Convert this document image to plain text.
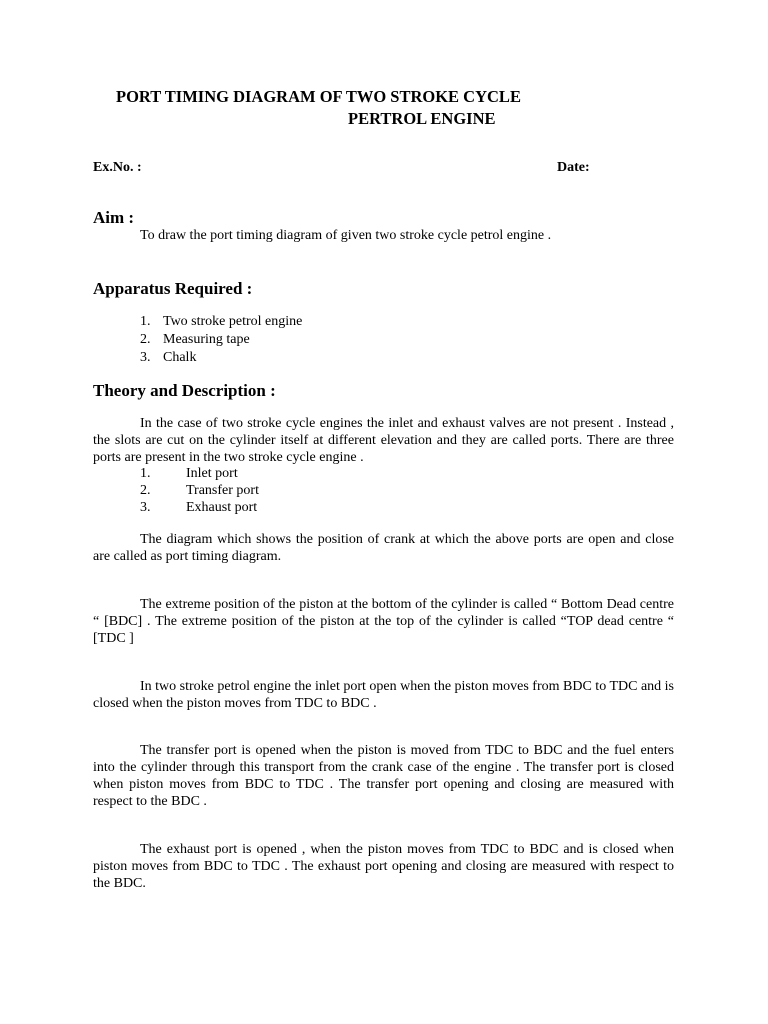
PORT TIMING DIAGRAM OF TWO STROKE CYCLE
PERTROL ENGINE
Ex.No. :	Date:
Aim :
To draw the port timing diagram of given two stroke cycle petrol engine .
Apparatus Required :
1. Two stroke petrol engine
2. Measuring tape
3. Chalk
Theory and Description :

In the case of two stroke cycle engines the inlet and exhaust valves are not present . Instead , the slots are cut on the cylinder itself at different elevation and they are called ports. There are three ports are present in the two stroke cycle engine .

1.	Inlet port
2.	Transfer port
3.	Exhaust port

The diagram which shows the position of crank at which the above ports are open and close are called as port timing diagram.

The extreme position of the piston at the bottom of the cylinder is called “ Bottom Dead centre “ [BDC] . The extreme position of the piston at the top of the cylinder is called “TOP dead centre “ [TDC ]

In two stroke petrol engine the inlet port open when the piston moves from BDC to TDC and is closed when the piston moves from TDC to BDC .

The transfer port is opened when the piston is moved from TDC to BDC and the fuel enters into the cylinder through this transport from the crank case of the engine . The transfer port is closed when piston moves from BDC to TDC . The transfer port opening and closing are measured with respect to the BDC .

The exhaust port is opened , when the piston moves from TDC to BDC and is closed when piston moves from BDC to TDC . The exhaust port opening and closing are measured with respect to the BDC.
